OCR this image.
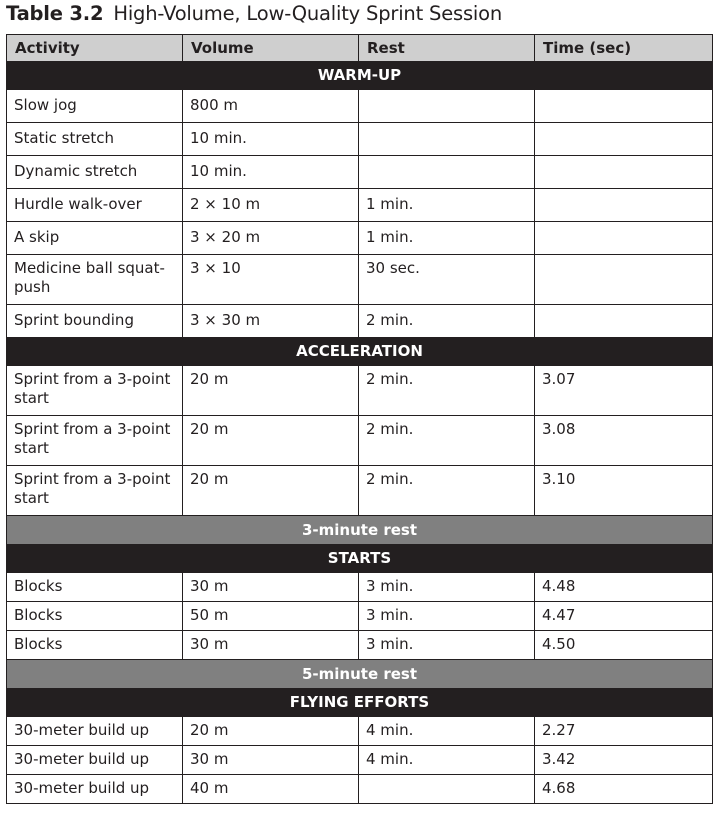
Table 3.2 High-Volume, Low-Quality Sprint Session
Activity	Volume	Rest	Time (sec)
WARM-UP			
Slow jog	800 m		
Static stretch	10 min.		
Dynamic stretch	10 min.		
Hurdle walk-over	2 × 10 m	1 min.	
A skip	3 × 20 m	1 min.	
Medicine ball squat-push	3 × 10	30 sec.	
Sprint bounding	3 × 30 m	2 min.	
ACCELERATION			
Sprint from a 3-point start	20 m	2 min.	3.07
Sprint from a 3-point start	20 m	2 min.	3.08
Sprint from a 3-point start	20 m	2 min.	3.10
3-minute rest			
STARTS			
Blocks	30 m	3 min.	4.48
Blocks	50 m	3 min.	4.47
Blocks	30 m	3 min.	4.50
5-minute rest			
FLYING EFFORTS			
30-meter build up	20 m	4 min.	2.27
30-meter build up	30 m	4 min.	3.42
30-meter build up	40 m		4.68
